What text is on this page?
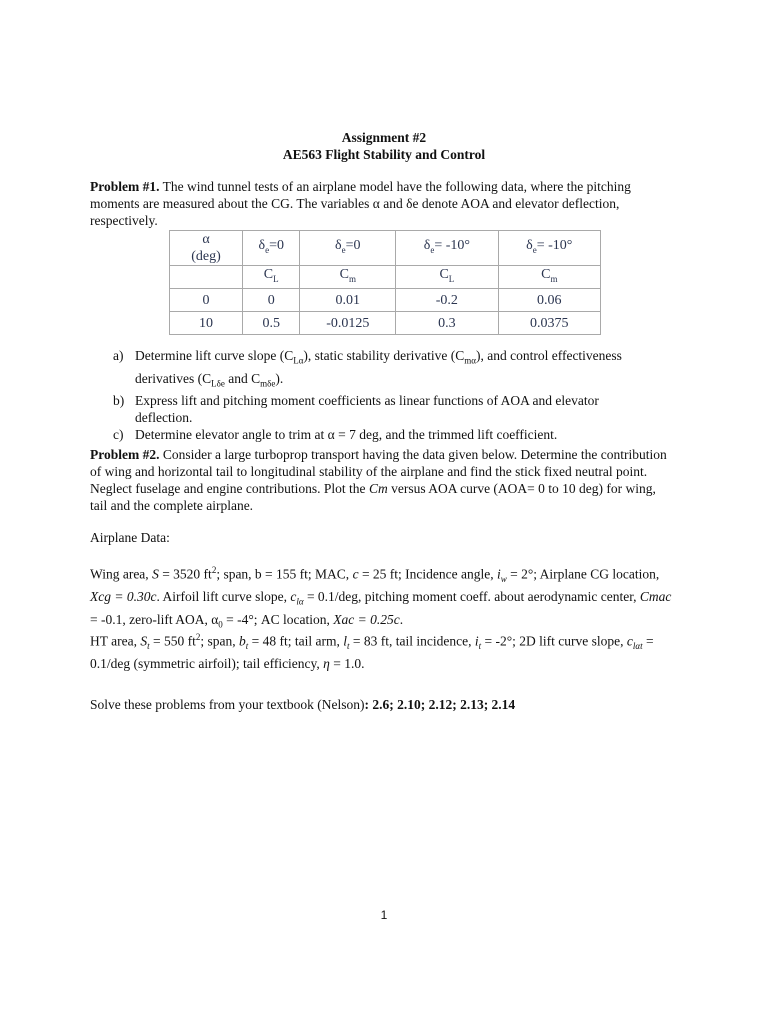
Assignment #2
AE563 Flight Stability and Control

Problem #1. The wind tunnel tests of an airplane model have the following data, where the pitching moments are measured about the CG. The variables α and δe denote AOA and elevator deflection, respectively.

α
(deg)	$\delta_e=0$	$\delta_e=0$	$\delta_e= -10^\circ$	$\delta_e= -10^\circ$
	$C_L$	$C_m$	$C_L$	$C_m$
0	0	0.01	-0.2	0.06
10	0.5	-0.0125	0.3	0.0375
a) Determine lift curve slope $(C_{L\alpha})$, static stability derivative $(C_{m\alpha})$, and control effectiveness derivatives ($C_{L\delta e}$ and $C_{m\delta e}$).
b) Express lift and pitching moment coefficients as linear functions of AOA and elevator deflection.
c) Determine elevator angle to trim at α = 7 deg, and the trimmed lift coefficient.

Problem #2. Consider a large turboprop transport having the data given below. Determine the contribution of wing and horizontal tail to longitudinal stability of the airplane and find the stick fixed neutral point. Neglect fuselage and engine contributions. Plot the Cm versus AOA curve (AOA= 0 to 10 deg) for wing, tail and the complete airplane.

Airplane Data:

Wing area, S = 3520 $ft^2$; span, b = 155 ft; MAC, c = 25 ft; Incidence angle, $i_w = 2^\circ$; Airplane CG location, Xcg = 0.30c. Airfoil lift curve slope, $c_{l\alpha} = 0.1/deg$, pitching moment coeff. about aerodynamic center, Cmac = -0.1, zero-lift AOA, $\alpha_0 = -4^\circ$; AC location, Xac = 0.25c.

HT area, $S_t = 550$ $ft^2$; span, $b_t = 48$ ft; tail arm, $l_t = 83$ ft, tail incidence, $i_t = -2^\circ$; 2D lift curve slope, $c_{l\alpha t} = 0.1/deg$ (symmetric airfoil); tail efficiency, η = 1.0.

Solve these problems from your textbook (Nelson): 2.6; 2.10; 2.12; 2.13; 2.14

1
